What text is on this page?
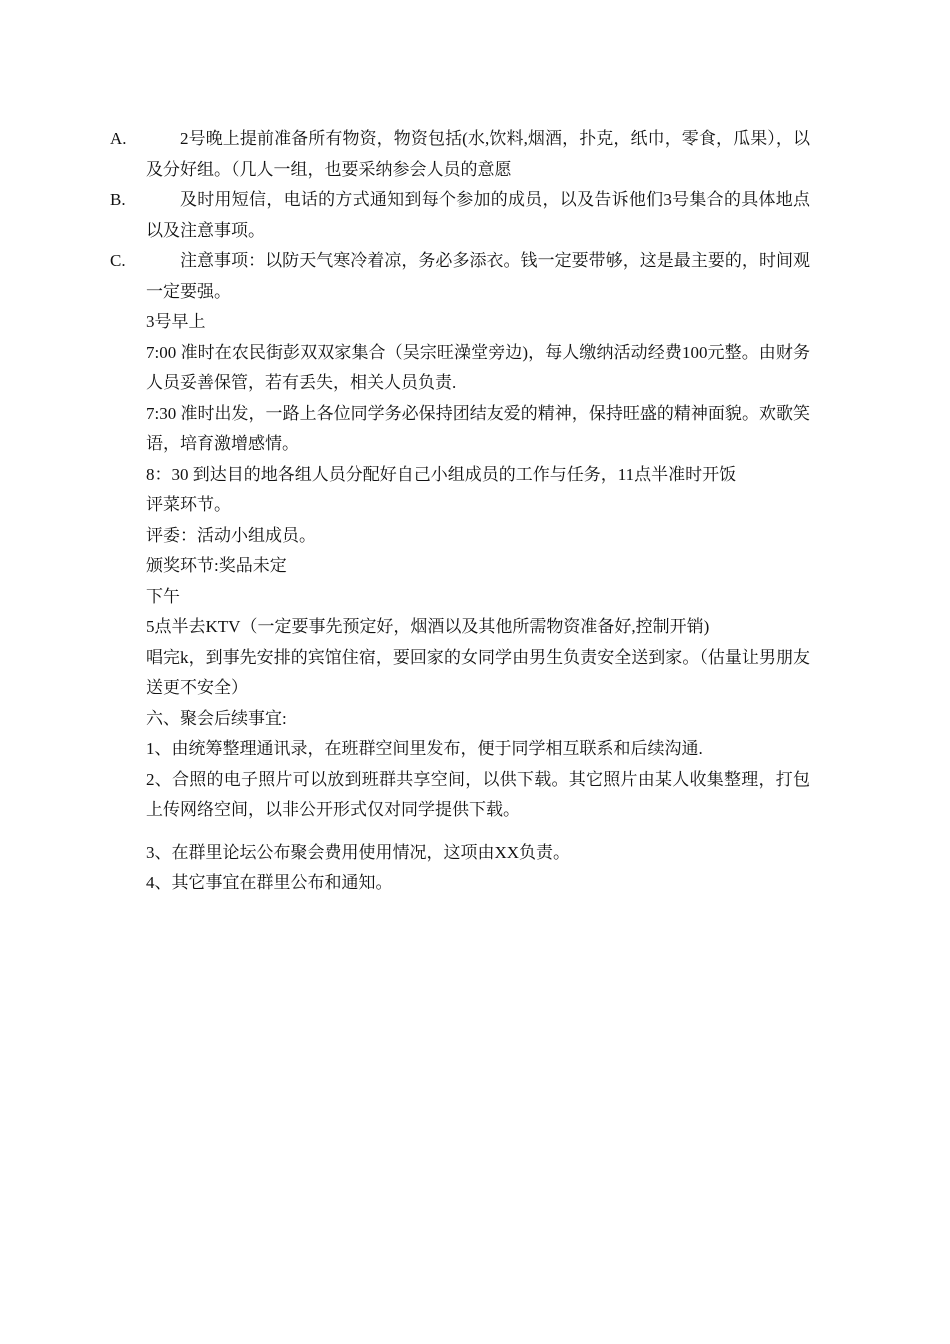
A.	2号晚上提前准备所有物资，物资包括(水,饮料,烟酒，扑克，纸巾，零食，瓜果），以及分好组。（几人一组，也要采纳参会人员的意愿
B.	及时用短信，电话的方式通知到每个参加的成员，以及告诉他们3号集合的具体地点以及注意事项。
C.	注意事项：以防天气寒冷着凉，务必多添衣。钱一定要带够，这是最主要的，时间观一定要强。
3号早上
7:00 准时在农民街彭双双家集合（吴宗旺澡堂旁边)，每人缴纳活动经费100元整。由财务人员妥善保管，若有丢失，相关人员负责.
7:30 准时出发，一路上各位同学务必保持团结友爱的精神，保持旺盛的精神面貌。欢歌笑语，培育激增感情。
8：30 到达目的地各组人员分配好自己小组成员的工作与任务，11点半准时开饭
评菜环节。
评委：活动小组成员。
颁奖环节:奖品未定
下午
5点半去KTV（一定要事先预定好，烟酒以及其他所需物资准备好,控制开销)
唱完k，到事先安排的宾馆住宿，要回家的女同学由男生负责安全送到家。（估量让男朋友送更不安全）
六、聚会后续事宜:
1、由统筹整理通讯录，在班群空间里发布，便于同学相互联系和后续沟通.
2、合照的电子照片可以放到班群共享空间，以供下载。其它照片由某人收集整理，打包上传网络空间，以非公开形式仅对同学提供下载。
3、在群里论坛公布聚会费用使用情况，这项由XX负责。
4、其它事宜在群里公布和通知。
